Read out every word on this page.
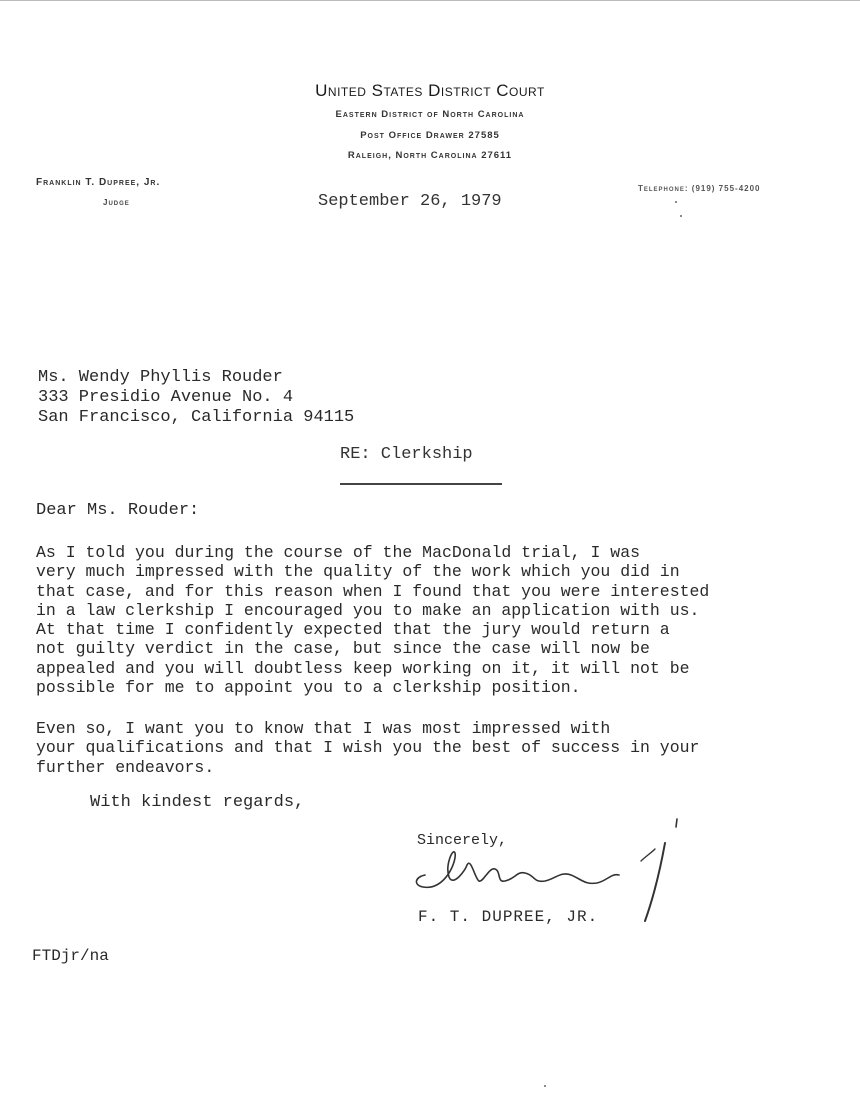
United States District Court
Eastern District of North Carolina
Post Office Drawer 27585
Raleigh, North Carolina 27611
Franklin T. Dupree, Jr.
Judge
Telephone: (919) 755-4200
September 26, 1979
Ms. Wendy Phyllis Rouder
333 Presidio Avenue No. 4
San Francisco, California 94115
RE: Clerkship
Dear Ms. Rouder:

As I told you during the course of the MacDonald trial, I was

very much impressed with the quality of the work which you did in

that case, and for this reason when I found that you were interested

in a law clerkship I encouraged you to make an application with us.

At that time I confidently expected that the jury would return a

not guilty verdict in the case, but since the case will now be

appealed and you will doubtless keep working on it, it will not be

possible for me to appoint you to a clerkship position.

Even so, I want you to know that I was most impressed with

your qualifications and that I wish you the best of success in your

further endeavors.

With kindest regards,
Sincerely,
F. T. DUPREE, JR.
FTDjr/na
